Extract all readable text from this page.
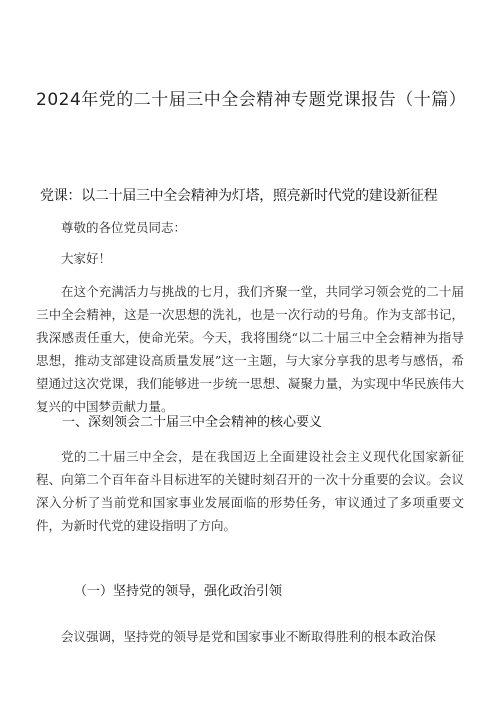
2024年党的二十届三中全会精神专题党课报告（十篇）
党课：以二十届三中全会精神为灯塔，照亮新时代党的建设新征程

尊敬的各位党员同志：

大家好！

在这个充满活力与挑战的七月，我们齐聚一堂，共同学习领会党的二十届三中全会精神，这是一次思想的洗礼，也是一次行动的号角。作为支部书记，我深感责任重大，使命光荣。今天，我将围绕“以二十届三中全会精神为指导思想，推动支部建设高质量发展”这一主题，与大家分享我的思考与感悟，希望通过这次党课，我们能够进一步统一思想、凝聚力量，为实现中华民族伟大复兴的中国梦贡献力量。

一、深刻领会二十届三中全会精神的核心要义

党的二十届三中全会，是在我国迈上全面建设社会主义现代化国家新征程、向第二个百年奋斗目标进军的关键时刻召开的一次十分重要的会议。会议深入分析了当前党和国家事业发展面临的形势任务，审议通过了多项重要文件，为新时代党的建设指明了方向。

（一）坚持党的领导，强化政治引领

会议强调，坚持党的领导是党和国家事业不断取得胜利的根本政治保
